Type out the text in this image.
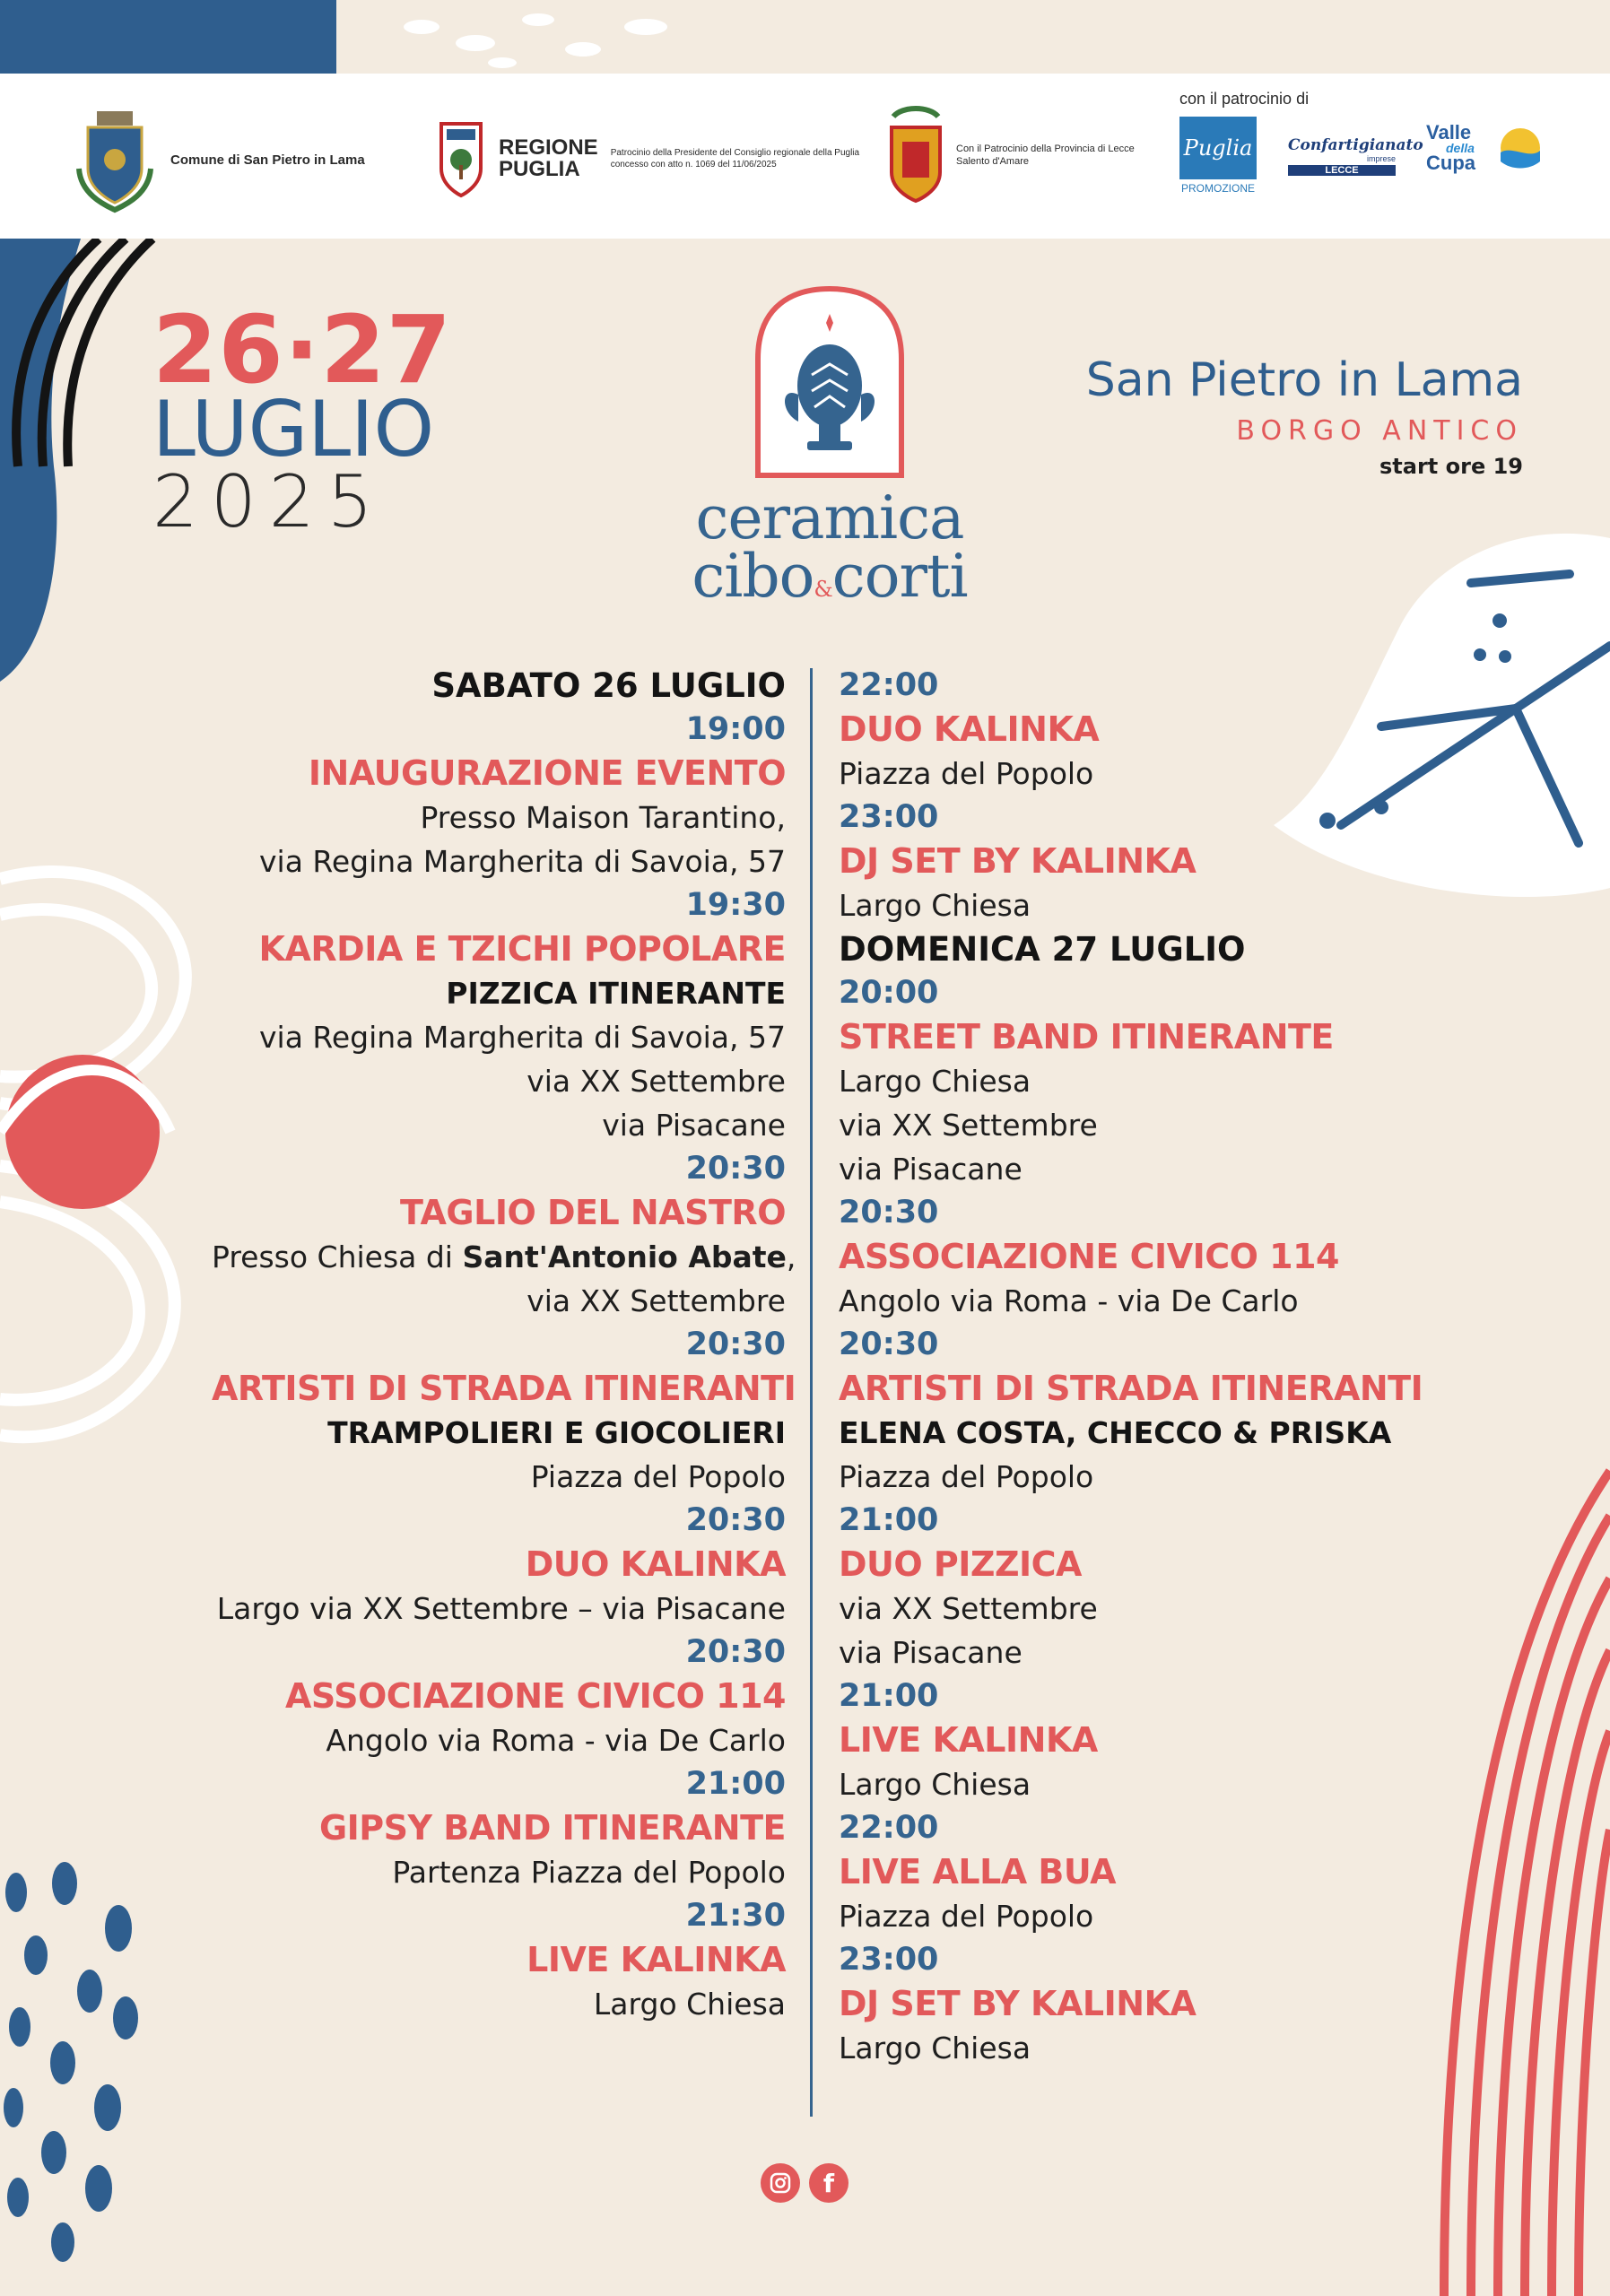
Comune di San Pietro in Lama	REGIONE
PUGLIA
Patrocinio della Presidente del Consiglio regionale della Puglia concesso con atto n. 1069 del 11/06/2025
Con il Patrocinio della Provincia di Lecce Salento d'Amare
con il patrocinio di
Puglia
PROMOZIONE
Confartigianato
imprese
LECCE
Valle
della
Cupa
26·27
LUGLIO
2025	ceramica
cibo&corti
San Pietro in Lama
BORGO ANTICO
start ore 19
SABATO 26 LUGLIO
19:00
INAUGURAZIONE EVENTO
Presso Maison Tarantino,
via Regina Margherita di Savoia, 57
19:30
KARDIA E TZICHI POPOLARE
PIZZICA ITINERANTE
via Regina Margherita di Savoia, 57
via XX Settembre
via Pisacane
20:30
TAGLIO DEL NASTRO
Presso Chiesa di Sant'Antonio Abate,
via XX Settembre
20:30
ARTISTI DI STRADA ITINERANTI
TRAMPOLIERI E GIOCOLIERI
Piazza del Popolo
20:30
DUO KALINKA
Largo via XX Settembre – via Pisacane
20:30
ASSOCIAZIONE CIVICO 114
Angolo via Roma - via De Carlo
21:00
GIPSY BAND ITINERANTE
Partenza Piazza del Popolo
21:30
LIVE KALINKA
Largo Chiesa
22:00
DUO KALINKA
Piazza del Popolo
23:00
DJ SET BY KALINKA
Largo Chiesa
DOMENICA 27 LUGLIO
20:00
STREET BAND ITINERANTE
Largo Chiesa
via XX Settembre
via Pisacane
20:30
ASSOCIAZIONE CIVICO 114
Angolo via Roma - via De Carlo
20:30
ARTISTI DI STRADA ITINERANTI
ELENA COSTA, CHECCO & PRISKA
Piazza del Popolo
21:00
DUO PIZZICA
via XX Settembre
via Pisacane
21:00
LIVE KALINKA
Largo Chiesa
22:00
LIVE ALLA BUA
Piazza del Popolo
23:00
DJ SET BY KALINKA
Largo Chiesa
f
